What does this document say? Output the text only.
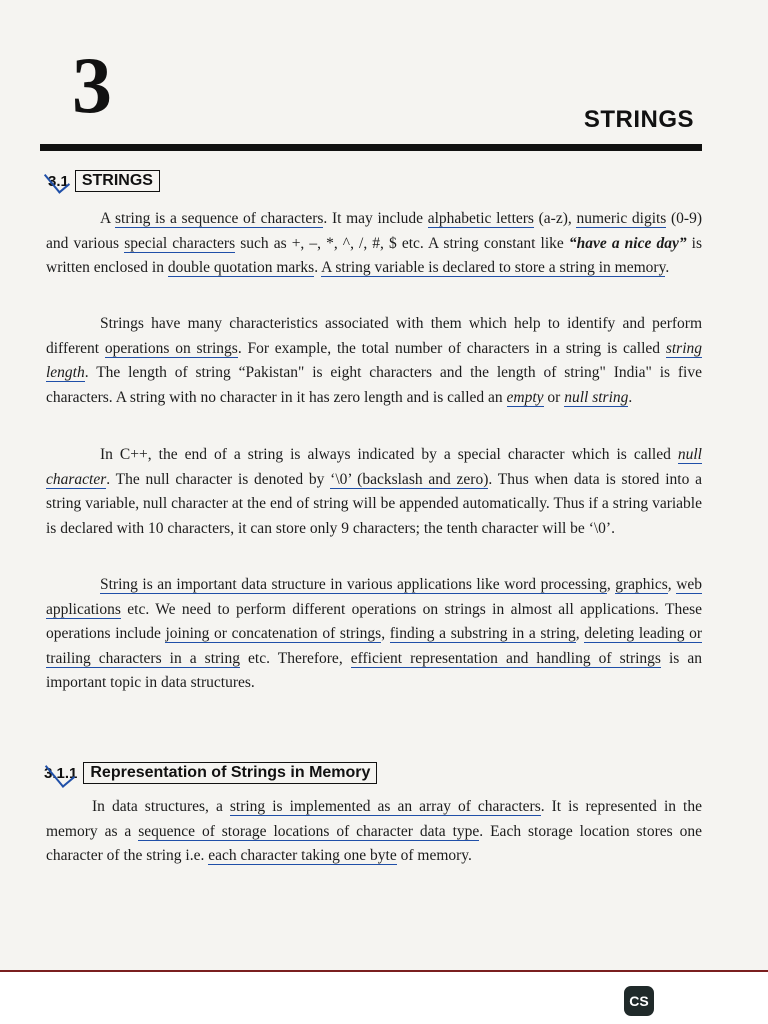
3	STRINGS
3.1 STRINGS

A string is a sequence of characters. It may include alphabetic letters (a-z), numeric digits (0-9) and various special characters such as +, –, *, ^, /, #, $ etc. A string constant like “have a nice day” is written enclosed in double quotation marks. A string variable is declared to store a string in memory.

Strings have many characteristics associated with them which help to identify and perform different operations on strings. For example, the total number of characters in a string is called string length. The length of string “Pakistan" is eight characters and the length of string" India" is five characters. A string with no character in it has zero length and is called an empty or null string.

In C++, the end of a string is always indicated by a special character which is called null character. The null character is denoted by ‘\0’ (backslash and zero). Thus when data is stored into a string variable, null character at the end of string will be appended automatically. Thus if a string variable is declared with 10 characters, it can store only 9 characters; the tenth character will be ‘\0’.

String is an important data structure in various applications like word processing, graphics, web applications etc. We need to perform different operations on strings in almost all applications. These operations include joining or concatenation of strings, finding a substring in a string, deleting leading or trailing characters in a string etc. Therefore, efficient representation and handling of strings is an important topic in data structures.

3.1.1 Representation of Strings in Memory

In data structures, a string is implemented as an array of characters. It is represented in the memory as a sequence of storage locations of character data type. Each storage location stores one character of the string i.e. each character taking one byte of memory.

CS
